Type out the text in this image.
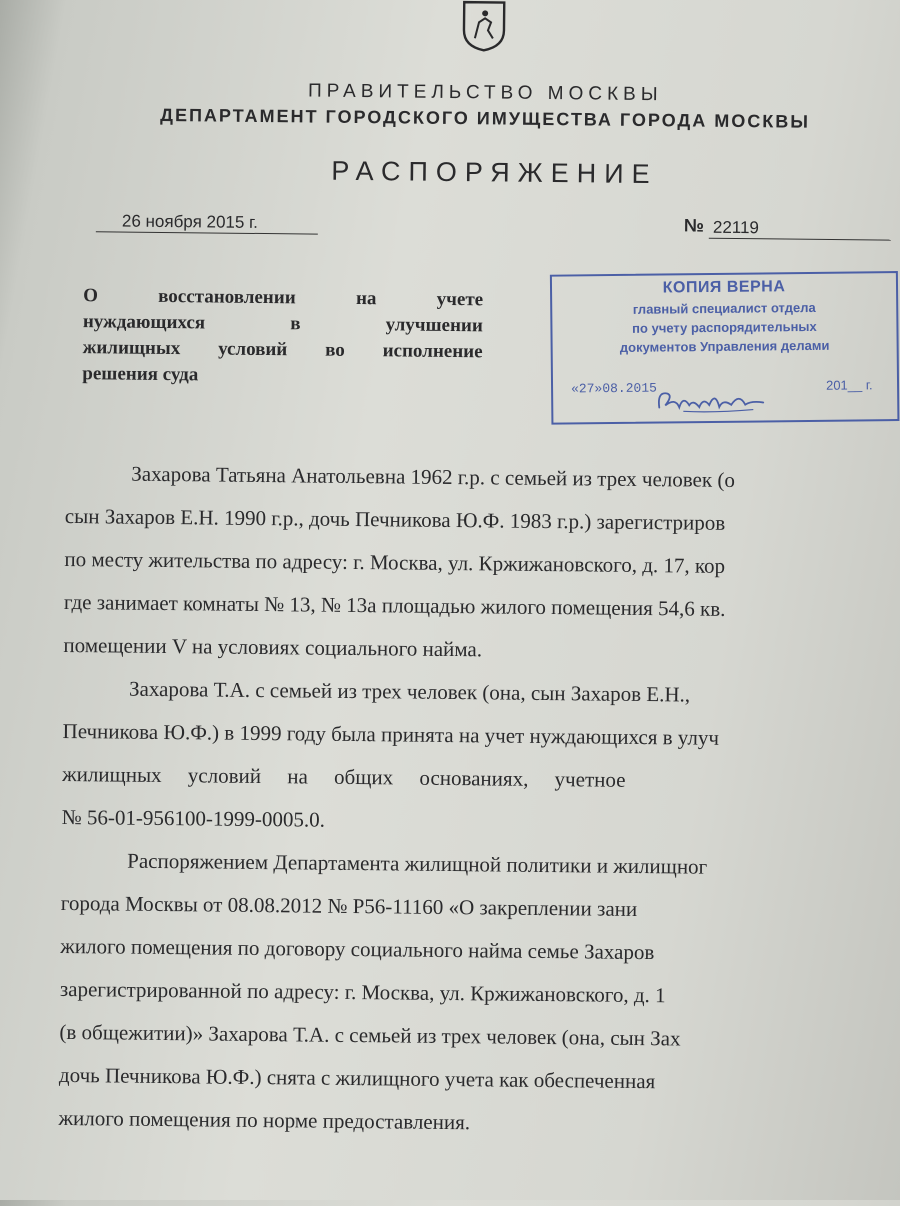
ПРАВИТЕЛЬСТВО МОСКВЫ
ДЕПАРТАМЕНТ ГОРОДСКОГО ИМУЩЕСТВА ГОРОДА МОСКВЫ
РАСПОРЯЖЕНИЕ
26 ноября 2015 г.	№ 22119
О восстановлении на учете
нуждающихся в улучшении
жилищных условий во исполнение
решения суда
КОПИЯ ВЕРНА
главный специалист отдела
по учету распорядительных
документов Управления делами
«27»08.2015	201__ г.

Захарова Татьяна Анатольевна 1962 г.р. с семьей из трех человек (о

сын Захаров Е.Н. 1990 г.р., дочь Печникова Ю.Ф. 1983 г.р.) зарегистриров

по месту жительства по адресу: г. Москва, ул. Кржижановского, д. 17, кор

где занимает комнаты № 13, № 13а площадью жилого помещения 54,6 кв.

помещении V на условиях социального найма.

Захарова Т.А. с семьей из трех человек (она, сын Захаров Е.Н.,

Печникова Ю.Ф.) в 1999 году была принята на учет нуждающихся в улуч

жилищных     условий     на     общих     основаниях,     учетное

№ 56-01-956100-1999-0005.0.

Распоряжением Департамента жилищной политики и жилищног

города Москвы от 08.08.2012 № Р56-11160 «О закреплении зани

жилого помещения по договору социального найма семье Захаров

зарегистрированной по адресу: г. Москва, ул. Кржижановского, д. 1

(в общежитии)» Захарова Т.А. с семьей из трех человек (она, сын Зах

дочь Печникова Ю.Ф.) снята с жилищного учета как обеспеченная

жилого помещения по норме предоставления.
